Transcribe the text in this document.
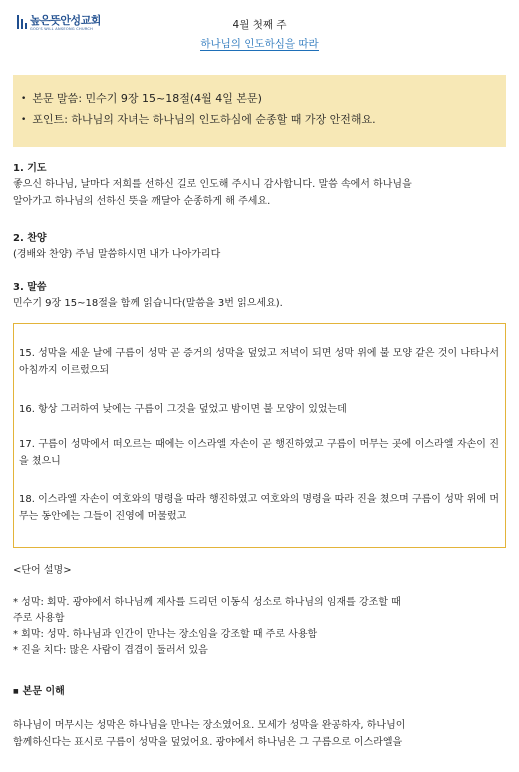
높은뜻안성교회
GOD'S WILL ANSEONG CHURCH	4월 첫째 주
하나님의 인도하심을 따라
• 본문 말씀: 민수기 9장 15~18절(4월 4일 본문)
• 포인트: 하나님의 자녀는 하나님의 인도하심에 순종할 때 가장 안전해요.
1. 기도

좋으신 하나님, 날마다 저희를 선하신 길로 인도해 주시니 감사합니다. 말씀 속에서 하나님을

알아가고 하나님의 선하신 뜻을 깨달아 순종하게 해 주세요.

2. 찬양

(경배와 찬양) 주님 말씀하시면 내가 나아가리다

3. 말씀

민수기 9장 15~18절을 함께 읽습니다(말씀을 3번 읽으세요).

15. 성막을 세운 날에 구름이 성막 곧 증거의 성막을 덮었고 저녁이 되면 성막 위에 불 모양 같은 것이 나타나서 아침까지 이르렀으되
16. 항상 그러하여 낮에는 구름이 그것을 덮었고 밤이면 불 모양이 있었는데
17. 구름이 성막에서 떠오르는 때에는 이스라엘 자손이 곧 행진하였고 구름이 머무는 곳에 이스라엘 자손이 진을 쳤으니
18. 이스라엘 자손이 여호와의 명령을 따라 행진하였고 여호와의 명령을 따라 진을 쳤으며 구름이 성막 위에 머무는 동안에는 그들이 진영에 머물렀고

<단어 설명>

* 성막: 회막. 광야에서 하나님께 제사를 드리던 이동식 성소로 하나님의 임재를 강조할 때

주로 사용함

* 회막: 성막. 하나님과 인간이 만나는 장소임을 강조할 때 주로 사용함

* 진을 치다: 많은 사람이 겹겹이 둘러서 있음

■ 본문 이해

하나님이 머무시는 성막은 하나님을 만나는 장소였어요. 모세가 성막을 완공하자, 하나님이
함께하신다는 표시로 구름이 성막을 덮었어요. 광야에서 하나님은 그 구름으로 이스라엘을
